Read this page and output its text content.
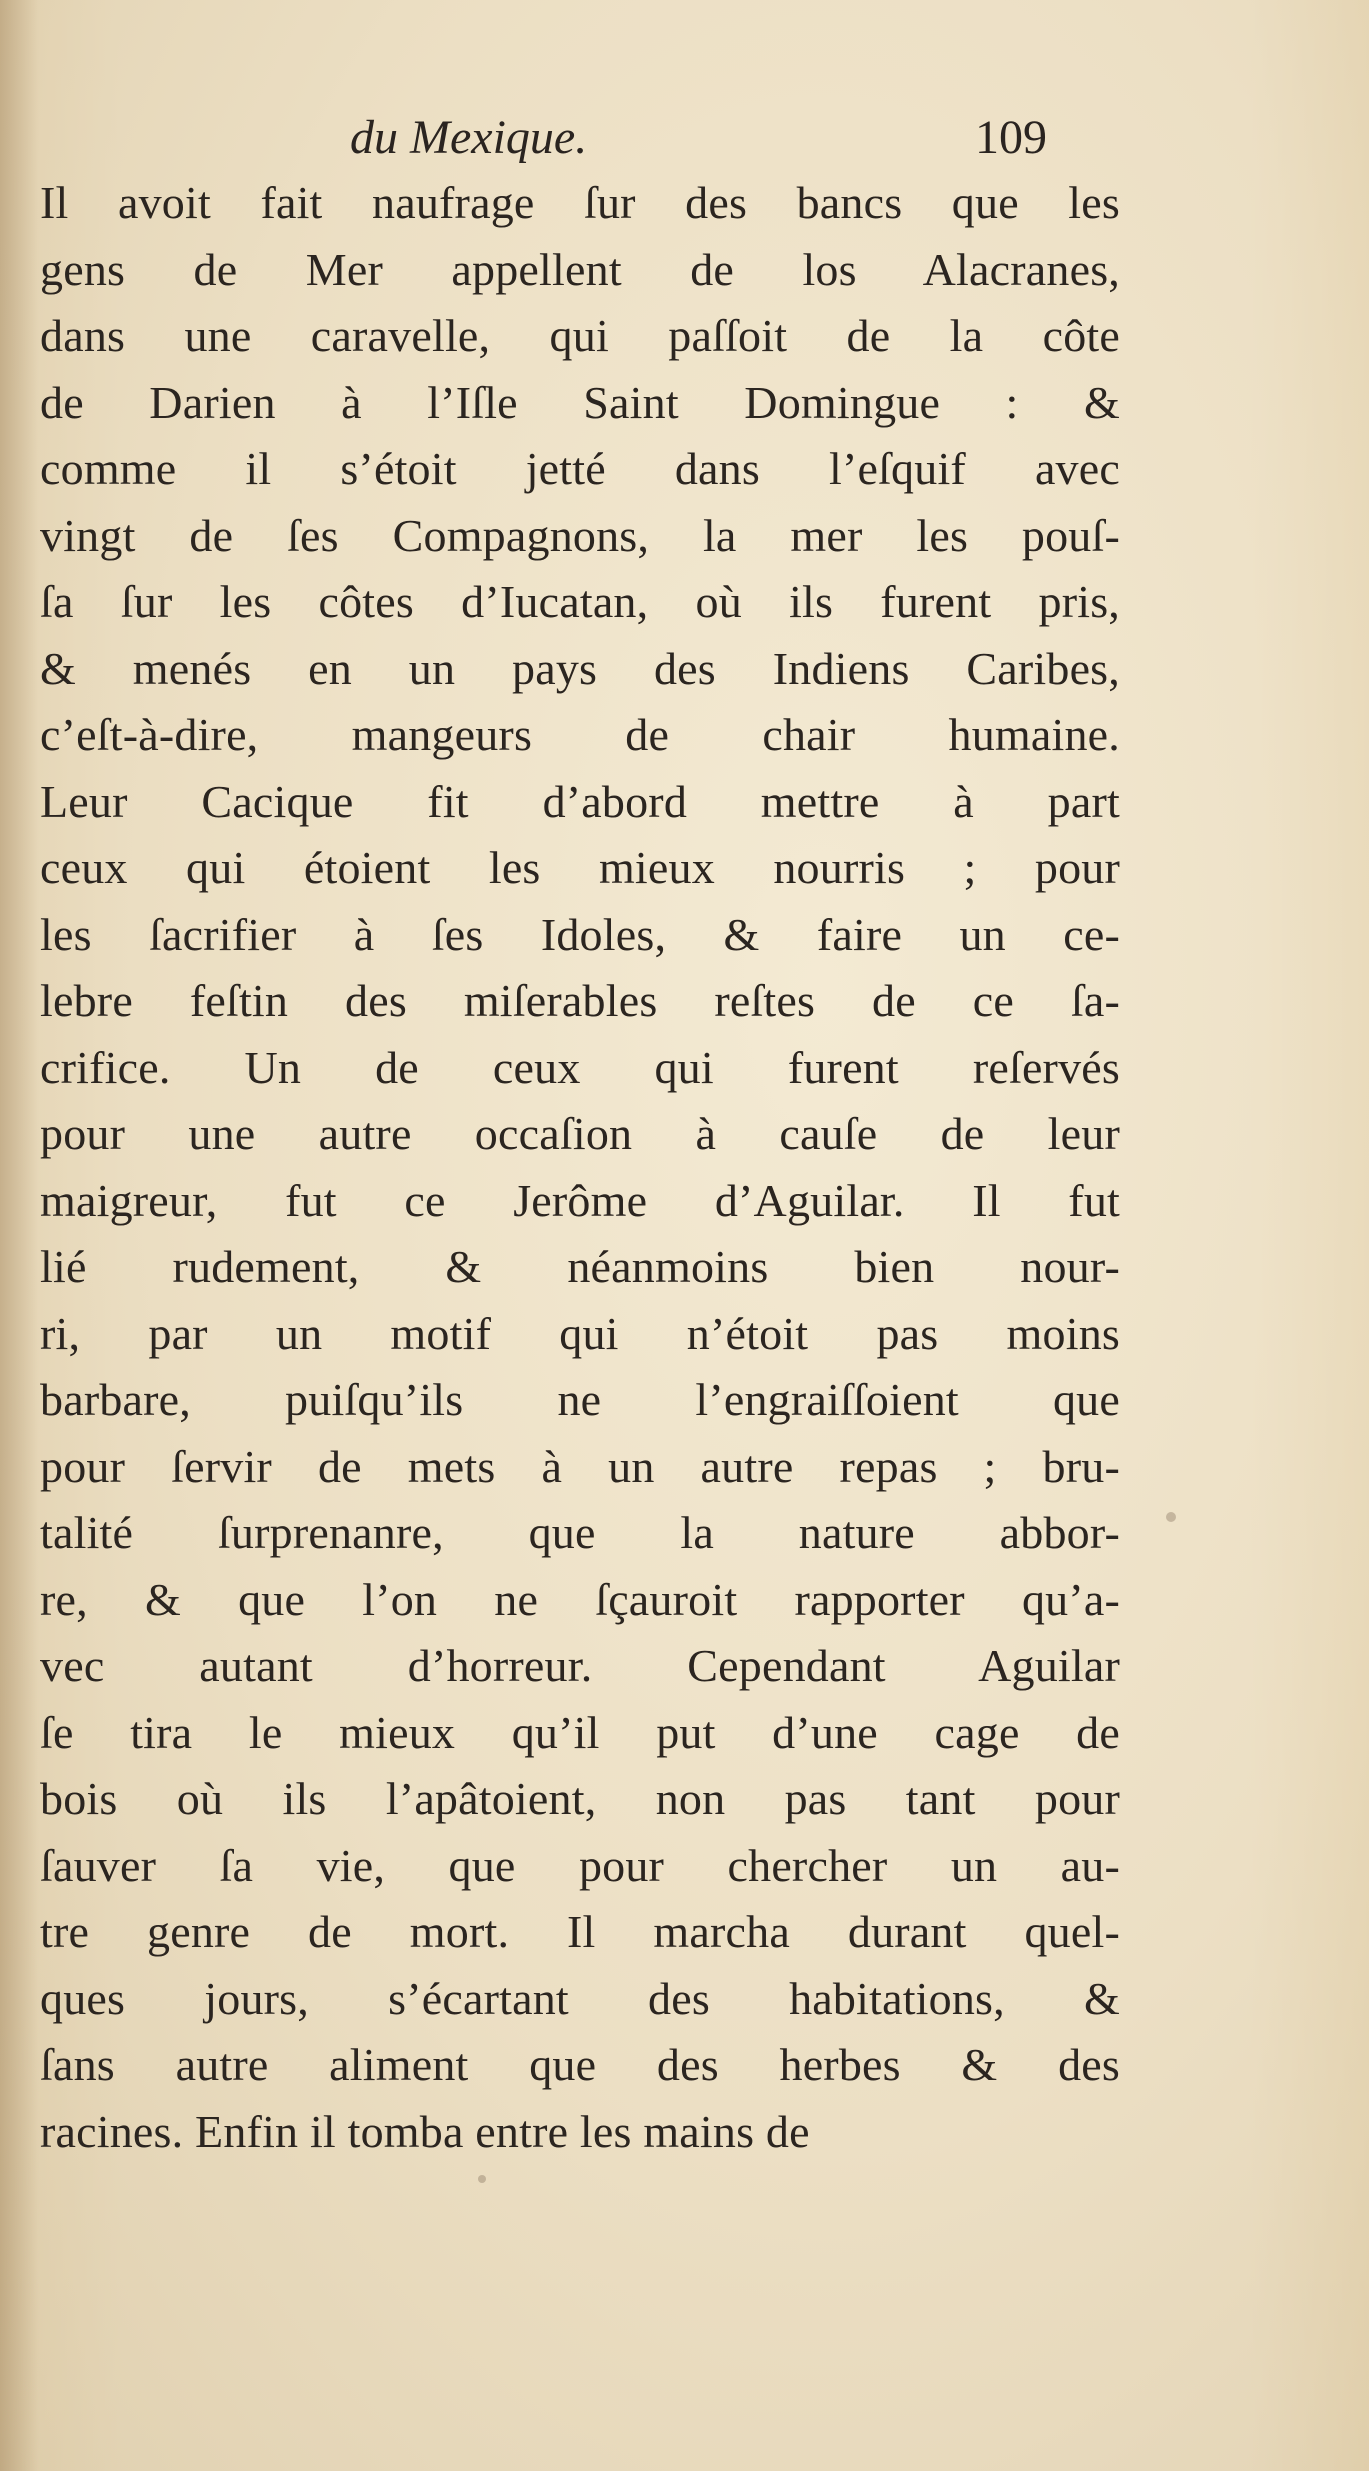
du Mexique.	109
Il avoit fait naufrage ſur des bancs que les
gens de Mer appellent de los Alacranes,
dans une caravelle, qui paſſoit de la côte
de Darien à l’Iſle Saint Domingue : &
comme il s’étoit jetté dans l’eſquif avec
vingt de ſes Compagnons, la mer les pouſ-
ſa ſur les côtes d’Iucatan, où ils furent pris,
& menés en un pays des Indiens Caribes,
c’eſt-à-dire, mangeurs de chair humaine.
Leur Cacique fit d’abord mettre à part
ceux qui étoient les mieux nourris ; pour
les ſacrifier à ſes Idoles, & faire un ce-
lebre feſtin des miſerables reſtes de ce ſa-
crifice. Un de ceux qui furent reſervés
pour une autre occaſion à cauſe de leur
maigreur, fut ce Jerôme d’Aguilar. Il fut
lié rudement, & néanmoins bien nour-
ri, par un motif qui n’étoit pas moins
barbare, puiſqu’ils ne l’engraiſſoient que
pour ſervir de mets à un autre repas ; bru-
talité ſurprenanre, que la nature abbor-
re, & que l’on ne ſçauroit rapporter qu’a-
vec autant d’horreur. Cependant Aguilar
ſe tira le mieux qu’il put d’une cage de
bois où ils l’apâtoient, non pas tant pour
ſauver ſa vie, que pour chercher un au-
tre genre de mort. Il marcha durant quel-
ques jours, s’écartant des habitations, &
ſans autre aliment que des herbes & des
racines. Enfin il tomba entre les mains de
